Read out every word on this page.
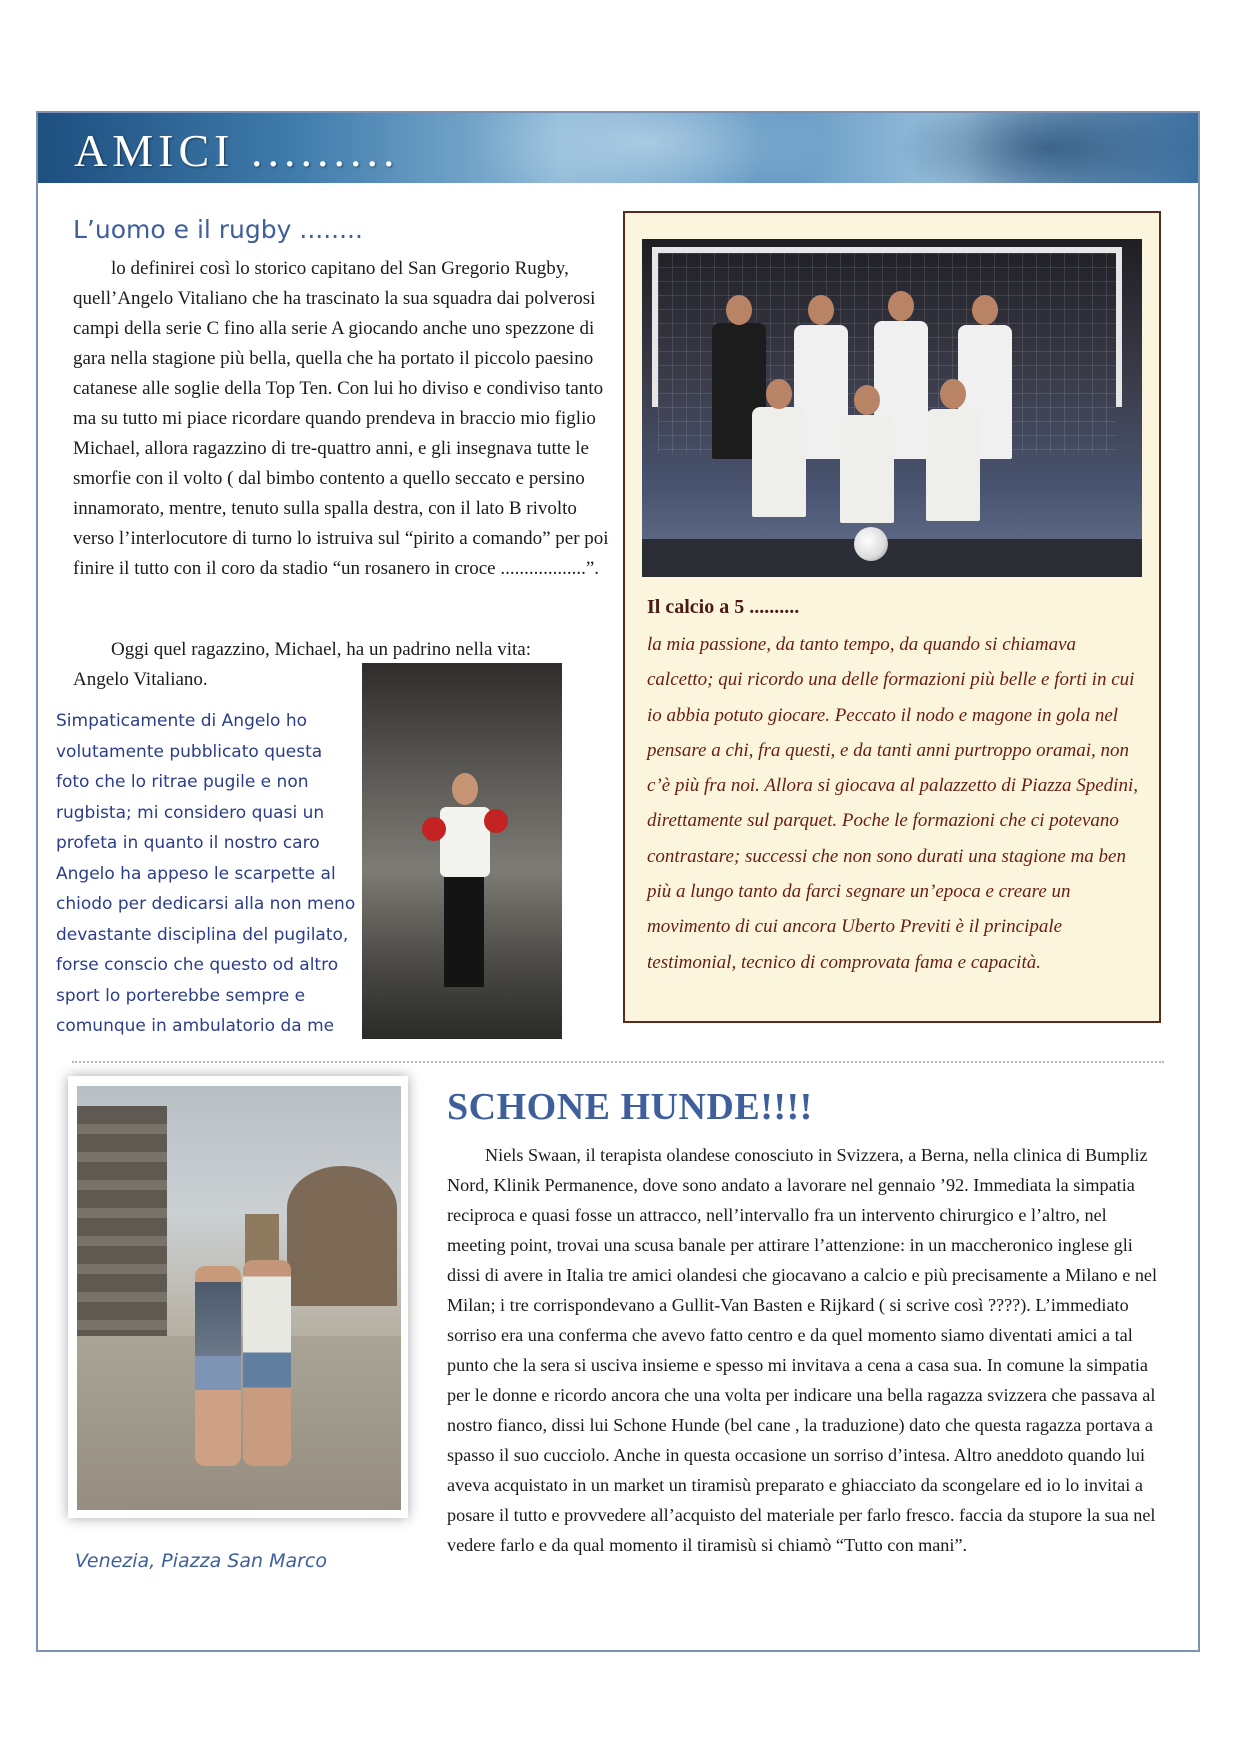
AMICI .........
L’uomo e il rugby ........

lo definirei così lo storico capitano del San Gregorio Rugby, quell’Angelo Vitaliano che ha trascinato la sua squadra dai polverosi campi della serie C fino alla serie A giocando anche uno spezzone di gara nella stagione più bella, quella che ha portato il piccolo paesino catanese alle soglie della Top Ten. Con lui ho diviso e condiviso tanto ma su tutto mi piace ricordare quando prendeva in braccio mio figlio Michael, allora ragazzino di tre-quattro anni, e gli insegnava tutte le smorfie con il volto ( dal bimbo contento a quello seccato e persino innamorato, mentre, tenuto sulla spalla destra, con il lato B rivolto verso l’interlocutore di turno lo istruiva sul “pirito a comando” per poi finire il tutto con il coro da stadio “un rosanero in croce ..................”.

Oggi quel ragazzino, Michael, ha un padrino nella vita:

Angelo Vitaliano.

Simpaticamente di Angelo ho volutamente pubblicato questa foto che lo ritrae pugile e non rugbista; mi considero quasi un profeta in quanto il nostro caro Angelo ha appeso le scarpette al chiodo per dedicarsi alla non meno devastante disciplina del pugilato, forse conscio che questo od altro sport lo porterebbe sempre e comunque in ambulatorio da me

Il calcio a 5 ..........

la mia passione, da tanto tempo, da quando si chiamava calcetto; qui ricordo una delle formazioni più belle e forti in cui io abbia potuto giocare. Peccato il nodo e magone in gola nel pensare a chi, fra questi, e da tanti anni purtroppo oramai, non c’è più fra noi. Allora si giocava al palazzetto di Piazza Spedini, direttamente sul parquet. Poche le formazioni che ci potevano contrastare; successi che non sono durati una stagione ma ben più a lungo tanto da farci segnare un’epoca e creare un movimento di cui ancora Uberto Previti è il principale testimonial, tecnico di comprovata fama e capacità.

Venezia, Piazza San Marco
SCHONE HUNDE!!!!

Niels Swaan, il terapista olandese conosciuto in Svizzera, a Berna, nella clinica di Bumpliz Nord, Klinik Permanence, dove sono andato a lavorare nel gennaio ’92. Immediata la simpatia reciproca e quasi fosse un attracco, nell’intervallo fra un intervento chirurgico e l’altro, nel meeting point, trovai una scusa banale per attirare l’attenzione: in un maccheronico inglese gli dissi di avere in Italia tre amici olandesi che giocavano a calcio e più precisamente a Milano e nel Milan; i tre corrispondevano a Gullit-Van Basten e Rijkard ( si scrive così ????). L’immediato sorriso era una conferma che avevo fatto centro e da quel momento siamo diventati amici a tal punto che la sera si usciva insieme e spesso mi invitava a cena a casa sua. In comune la simpatia per le donne e ricordo ancora che una volta per indicare una bella ragazza svizzera che passava al nostro fianco, dissi lui Schone Hunde (bel cane , la traduzione) dato che questa ragazza portava a spasso il suo cucciolo. Anche in questa occasione un sorriso d’intesa. Altro aneddoto quando lui aveva acquistato in un market un tiramisù preparato e ghiacciato da scongelare ed io lo invitai a posare il tutto e provvedere all’acquisto del materiale per farlo fresco. faccia da stupore la sua nel vedere farlo e da qual momento il tiramisù si chiamò “Tutto con mani”.
